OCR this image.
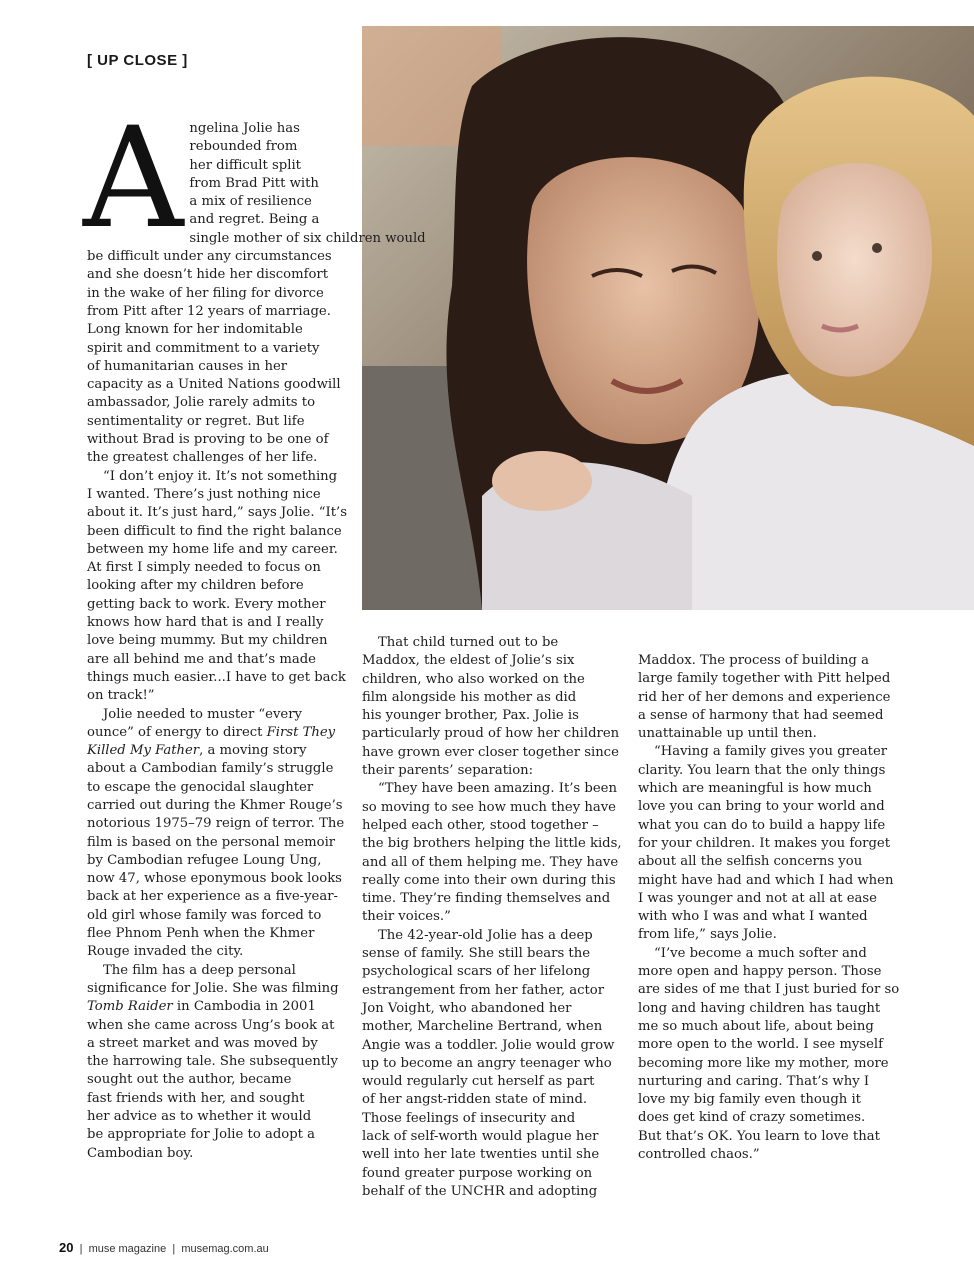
[ UP CLOSE ]
A ngelina Jolie has
rebounded from
her difficult split
from Brad Pitt with
a mix of resilience
and regret. Being a
single mother of six children would
be difficult under any circumstances
and she doesn’t hide her discomfort
in the wake of her filing for divorce
from Pitt after 12 years of marriage.
Long known for her indomitable
spirit and commitment to a variety
of humanitarian causes in her
capacity as a United Nations goodwill
ambassador, Jolie rarely admits to
sentimentality or regret. But life
without Brad is proving to be one of
the greatest challenges of her life.

“I don’t enjoy it. It’s not something
I wanted. There’s just nothing nice
about it. It’s just hard,” says Jolie. “It’s
been difficult to find the right balance
between my home life and my career.
At first I simply needed to focus on
looking after my children before
getting back to work. Every mother
knows how hard that is and I really
love being mummy. But my children
are all behind me and that’s made
things much easier...I have to get back
on track!”

Jolie needed to muster “every
ounce” of energy to direct First They
Killed My Father, a moving story
about a Cambodian family’s struggle
to escape the genocidal slaughter
carried out during the Khmer Rouge’s
notorious 1975–79 reign of terror. The
film is based on the personal memoir
by Cambodian refugee Loung Ung,
now 47, whose eponymous book looks
back at her experience as a five-year-
old girl whose family was forced to
flee Phnom Penh when the Khmer
Rouge invaded the city.

The film has a deep personal
significance for Jolie. She was filming
Tomb Raider in Cambodia in 2001
when she came across Ung’s book at
a street market and was moved by
the harrowing tale. She subsequently
sought out the author, became
fast friends with her, and sought
her advice as to whether it would
be appropriate for Jolie to adopt a
Cambodian boy.

That child turned out to be
Maddox, the eldest of Jolie’s six
children, who also worked on the
film alongside his mother as did
his younger brother, Pax. Jolie is
particularly proud of how her children
have grown ever closer together since
their parents’ separation:

“They have been amazing. It’s been
so moving to see how much they have
helped each other, stood together –
the big brothers helping the little kids,
and all of them helping me. They have
really come into their own during this
time. They’re finding themselves and
their voices.”

The 42-year-old Jolie has a deep
sense of family. She still bears the
psychological scars of her lifelong
estrangement from her father, actor
Jon Voight, who abandoned her
mother, Marcheline Bertrand, when
Angie was a toddler. Jolie would grow
up to become an angry teenager who
would regularly cut herself as part
of her angst-ridden state of mind.
Those feelings of insecurity and
lack of self-worth would plague her
well into her late twenties until she
found greater purpose working on
behalf of the UNCHR and adopting

Maddox. The process of building a
large family together with Pitt helped
rid her of her demons and experience
a sense of harmony that had seemed
unattainable up until then.

“Having a family gives you greater
clarity. You learn that the only things
which are meaningful is how much
love you can bring to your world and
what you can do to build a happy life
for your children. It makes you forget
about all the selfish concerns you
might have had and which I had when
I was younger and not at all at ease
with who I was and what I wanted
from life,” says Jolie.

“I’ve become a much softer and
more open and happy person. Those
are sides of me that I just buried for so
long and having children has taught
me so much about life, about being
more open to the world. I see myself
becoming more like my mother, more
nurturing and caring. That’s why I
love my big family even though it
does get kind of crazy sometimes.
But that’s OK. You learn to love that
controlled chaos.”

20  |  muse magazine  |  musemag.com.au
